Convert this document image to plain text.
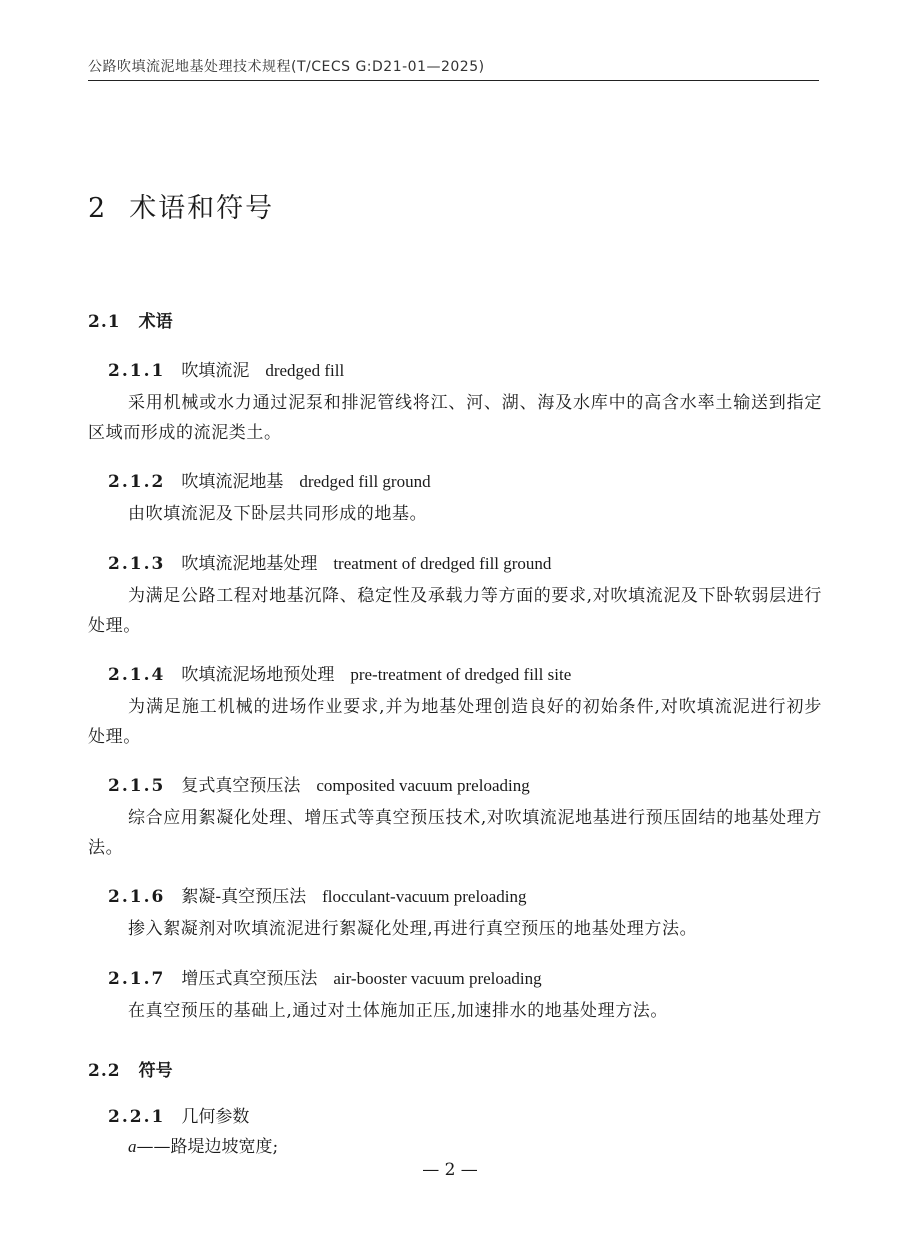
公路吹填流泥地基处理技术规程(T/CECS G:D21-01—2025)
2 术语和符号
2.1 术语
2.1.1 吹填流泥 dredged fill
采用机械或水力通过泥泵和排泥管线将江、河、湖、海及水库中的高含水率土输送到指定区域而形成的流泥类土。
2.1.2 吹填流泥地基 dredged fill ground
由吹填流泥及下卧层共同形成的地基。
2.1.3 吹填流泥地基处理 treatment of dredged fill ground
为满足公路工程对地基沉降、稳定性及承载力等方面的要求,对吹填流泥及下卧软弱层进行处理。
2.1.4 吹填流泥场地预处理 pre-treatment of dredged fill site
为满足施工机械的进场作业要求,并为地基处理创造良好的初始条件,对吹填流泥进行初步处理。
2.1.5 复式真空预压法 composited vacuum preloading
综合应用絮凝化处理、增压式等真空预压技术,对吹填流泥地基进行预压固结的地基处理方法。
2.1.6 絮凝-真空预压法 flocculant-vacuum preloading
掺入絮凝剂对吹填流泥进行絮凝化处理,再进行真空预压的地基处理方法。
2.1.7 增压式真空预压法 air-booster vacuum preloading
在真空预压的基础上,通过对土体施加正压,加速排水的地基处理方法。
2.2 符号
2.2.1 几何参数
a——路堤边坡宽度;
— 2 —
